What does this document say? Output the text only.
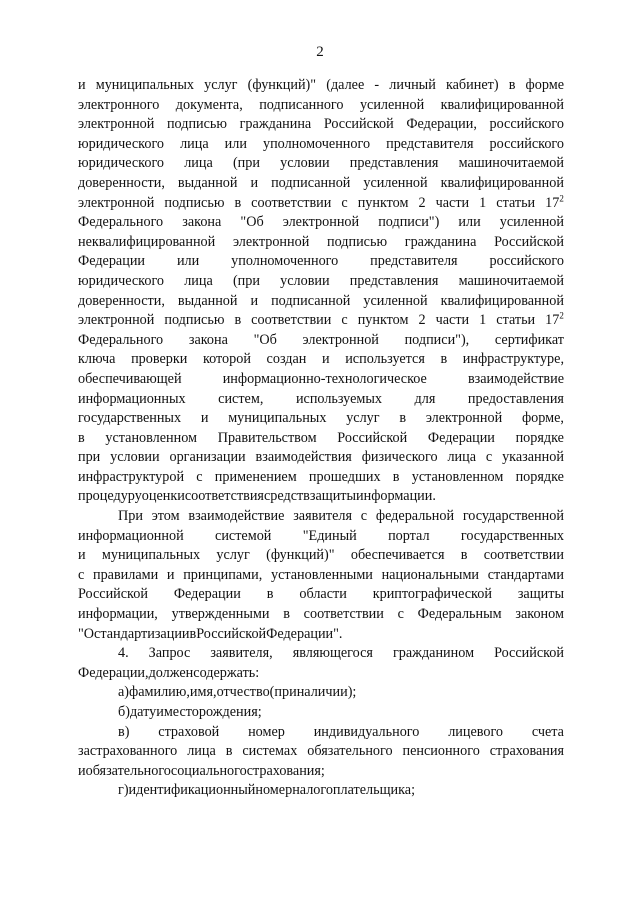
2
и муниципальных услуг (функций)" (далее - личный кабинет) в форме
электронного документа, подписанного усиленной квалифицированной
электронной подписью гражданина Российской Федерации, российского
юридического лица или уполномоченного представителя российского
юридического лица (при условии представления машиночитаемой
доверенности, выданной и подписанной усиленной квалифицированной
электронной подписью в соответствии с пунктом 2 части 1 статьи $17^2$
Федерального закона "Об электронной подписи") или усиленной
неквалифицированной электронной подписью гражданина Российской
Федерации или уполномоченного представителя российского
юридического лица (при условии представления машиночитаемой
доверенности, выданной и подписанной усиленной квалифицированной
электронной подписью в соответствии с пунктом 2 части 1 статьи $17^2$
Федерального закона "Об электронной подписи"), сертификат
ключа проверки которой создан и используется в инфраструктуре,
обеспечивающей	информационно-технологическое	взаимодействие
информационных систем, используемых для предоставления
государственных и муниципальных услуг в электронной форме,
в установленном Правительством Российской Федерации порядке
при условии организации взаимодействия физического лица с указанной
инфраструктурой с применением прошедших в установленном порядке
процедуру оценки соответствия средств защиты информации.
При этом взаимодействие заявителя с федеральной государственной
информационной системой "Единый портал государственных
и муниципальных услуг (функций)" обеспечивается в соответствии
с правилами и принципами, установленными национальными стандартами
Российской Федерации в области криптографической защиты
информации, утвержденными в соответствии с Федеральным законом
"О стандартизации в Российской Федерации".
4. Запрос заявителя, являющегося гражданином Российской
Федерации, должен содержать:
а) фамилию, имя, отчество (при наличии);
б) дату и место рождения;
в) страховой номер индивидуального лицевого счета
застрахованного лица в системах обязательного пенсионного страхования
и обязательного социального страхования;
г) идентификационный номер налогоплательщика;
